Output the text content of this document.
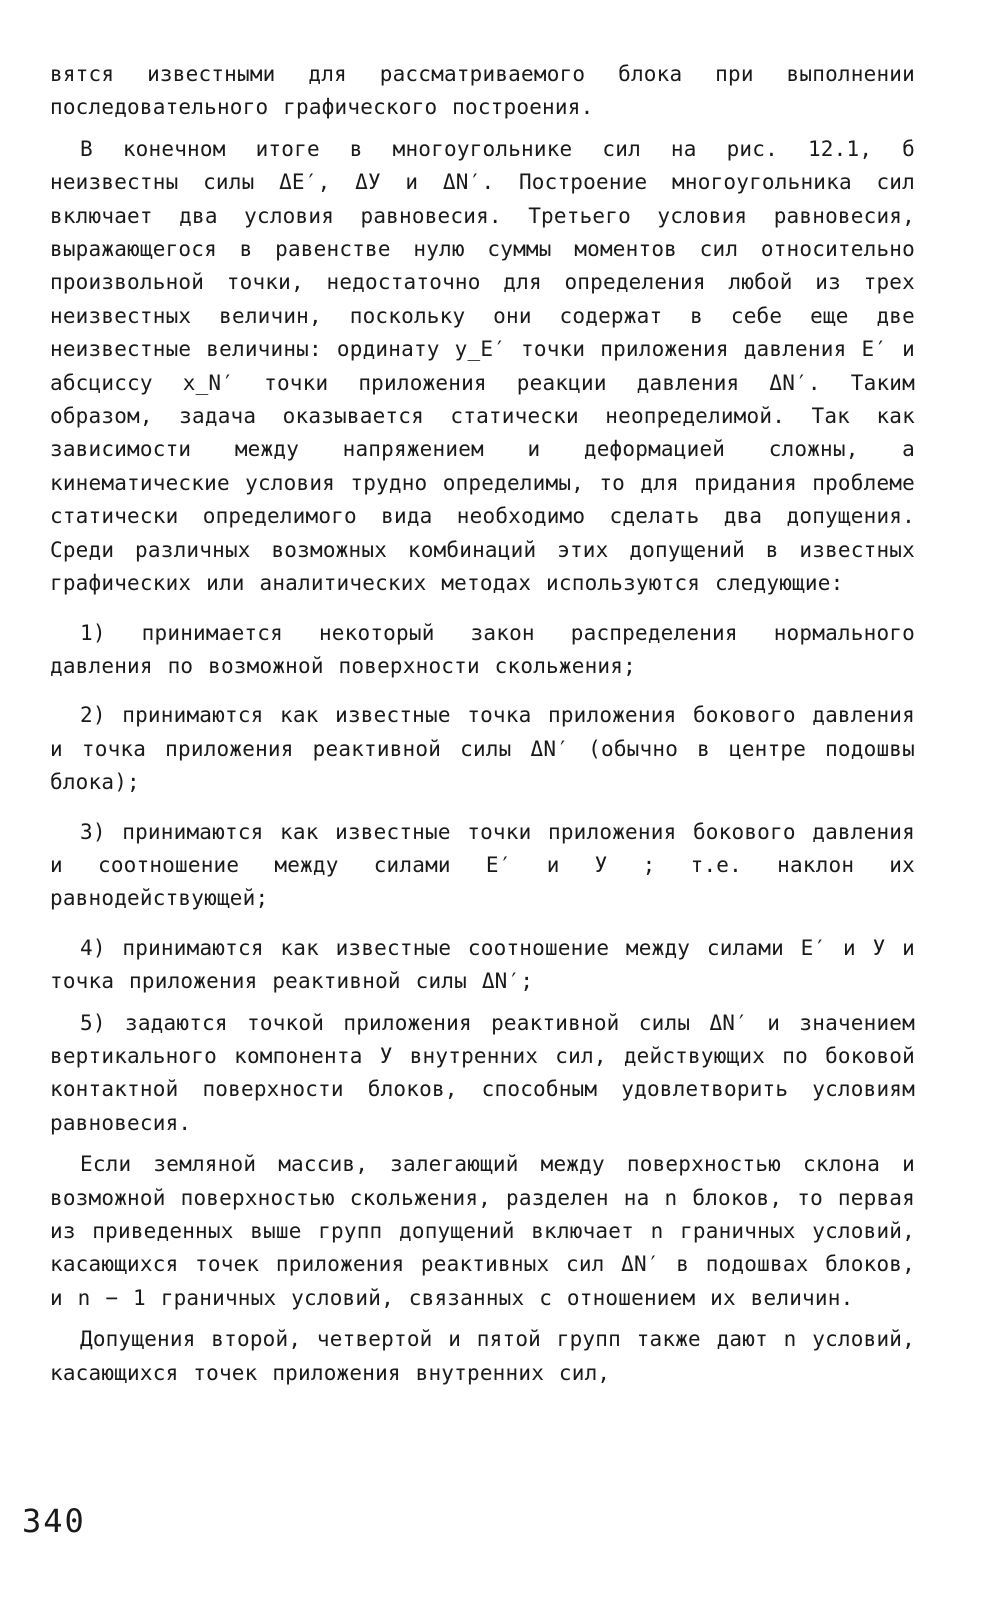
вятся известными для рассматриваемого блока при выполнении последовательного графического построения.

В конечном итоге в многоугольнике сил на рис. 12.1, б неизвестны силы ΔE′, ΔУ и ΔN′. Построение многоугольника сил включает два условия равновесия. Третьего условия равновесия, выражающегося в равенстве нулю суммы моментов сил относительно произвольной точки, недостаточно для определения любой из трех неизвестных величин, поскольку они содержат в себе еще две неизвестные величины: ординату y_E′ точки приложения давления E′ и абсциссу x_N′ точки приложения реакции давления ΔN′. Таким образом, задача оказывается статически неопределимой. Так как зависимости между напряжением и деформацией сложны, а кинематические условия трудно определимы, то для придания проблеме статически определимого вида необходимо сделать два допущения. Среди различных возможных комбинаций этих допущений в известных графических или аналитических методах используются следующие:

1) принимается некоторый закон распределения нормального давления по возможной поверхности скольжения;

2) принимаются как известные точка приложения бокового давления и точка приложения реактивной силы ΔN′ (обычно в центре подошвы блока);

3) принимаются как известные точки приложения бокового давления и соотношение между силами E′ и У ; т.е. наклон их равнодействующей;

4) принимаются как известные соотношение между силами E′ и У и точка приложения реактивной силы ΔN′;

5) задаются точкой приложения реактивной силы ΔN′ и значением вертикального компонента У внутренних сил, действующих по боковой контактной поверхности блоков, способным удовлетворить условиям равновесия.

Если земляной массив, залегающий между поверхностью склона и возможной поверхностью скольжения, разделен на n блоков, то первая из приведенных выше групп допущений включает n граничных условий, касающихся точек приложения реактивных сил ΔN′ в подошвах блоков, и n − 1 граничных условий, связанных с отношением их величин.

Допущения второй, четвертой и пятой групп также дают n условий, касающихся точек приложения внутренних сил,

340
